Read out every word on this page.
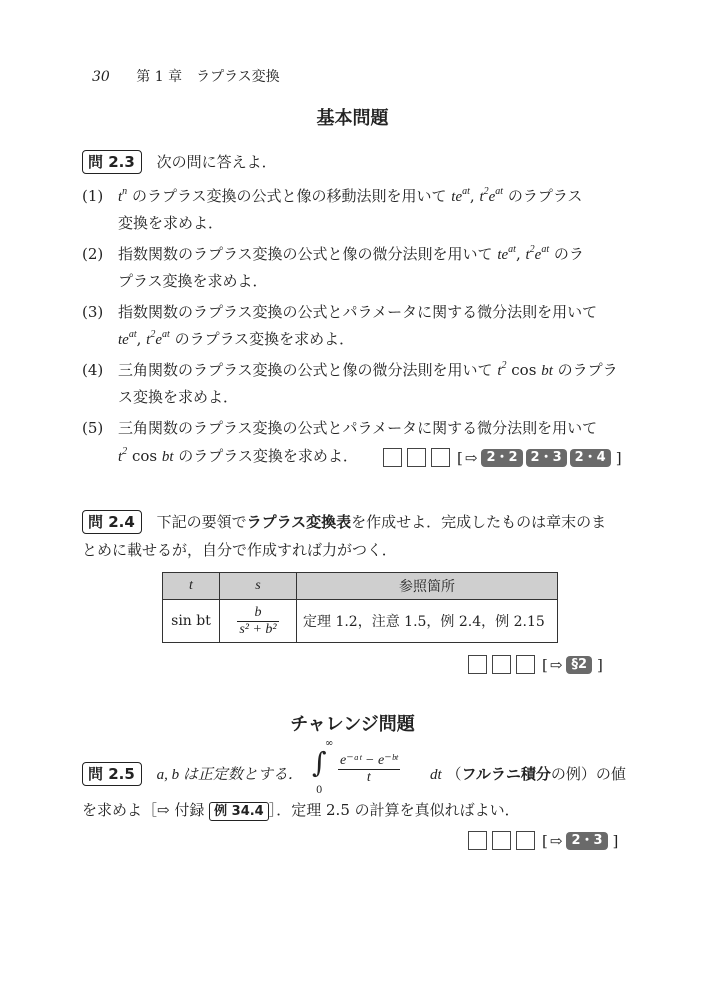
30 第 1 章　ラプラス変換
基本問題
問 2.3 次の問に答えよ．
(1) $t^n$ のラプラス変換の公式と像の移動法則を用いて $te^{at}$, $t^2e^{at}$ のラプラス
変換を求めよ．
(2) 指数関数のラプラス変換の公式と像の微分法則を用いて $te^{at}$, $t^2e^{at}$ のラ
プラス変換を求めよ．
(3) 指数関数のラプラス変換の公式とパラメータに関する微分法則を用いて
$te^{at}$, $t^2e^{at}$ のラプラス変換を求めよ．
(4) 三角関数のラプラス変換の公式と像の微分法則を用いて $t^2$ cos bt のラプラ
ス変換を求めよ．
(5) 三角関数のラプラス変換の公式とパラメータに関する微分法則を用いて
$t^2$ cos bt のラプラス変換を求めよ．	[ ⇨ 2・2	2・3	2・4 ]
問 2.4 下記の要領でラプラス変換表を作成せよ．完成したものは章末のま
とめに載せるが，自分で作成すれば力がつく．
t	s	参照箇所
sin bt	$\frac{b}{\text{s² + b²}}$	定理 1.2，注意 1.5，例 2.4，例 2.15
[ ⇨ §2 ]
チャレンジ問題
問 2.5 a, b は正定数とする． ∫
∞
0
$\frac{\text{e⁻ᵃᵗ − e⁻ᵇᵗ}}{t}$ dt （フルラニ積分の例）の値
を求めよ［⇨ 付録 例 34.4 ］．定理 2.5 の計算を真似ればよい．
[ ⇨ 2・3 ]
